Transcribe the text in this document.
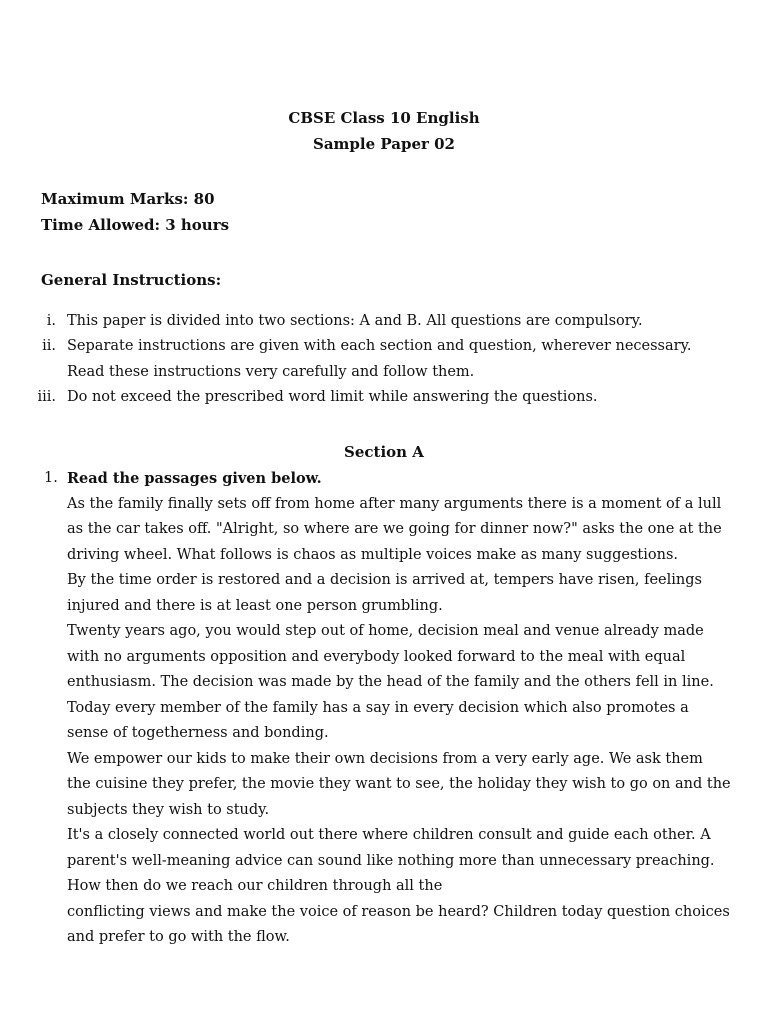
CBSE Class 10 English
Sample Paper 02
Maximum Marks: 80
Time Allowed: 3 hours
General Instructions:
i. This paper is divided into two sections: A and B. All questions are compulsory.
ii. Separate instructions are given with each section and question, wherever necessary.
Read these instructions very carefully and follow them.
iii. Do not exceed the prescribed word limit while answering the questions.
Section A
1. Read the passages given below.
As the family finally sets off from home after many arguments there is a moment of a lull
as the car takes off. "Alright, so where are we going for dinner now?" asks the one at the
driving wheel. What follows is chaos as multiple voices make as many suggestions.
By the time order is restored and a decision is arrived at, tempers have risen, feelings
injured and there is at least one person grumbling.
Twenty years ago, you would step out of home, decision meal and venue already made
with no arguments opposition and everybody looked forward to the meal with equal
enthusiasm. The decision was made by the head of the family and the others fell in line.
Today every member of the family has a say in every decision which also promotes a
sense of togetherness and bonding.
We empower our kids to make their own decisions from a very early age. We ask them
the cuisine they prefer, the movie they want to see, the holiday they wish to go on and the
subjects they wish to study.
It's a closely connected world out there where children consult and guide each other. A
parent's well-meaning advice can sound like nothing more than unnecessary preaching.
How then do we reach our children through all the
conflicting views and make the voice of reason be heard? Children today question choices
and prefer to go with the flow.
